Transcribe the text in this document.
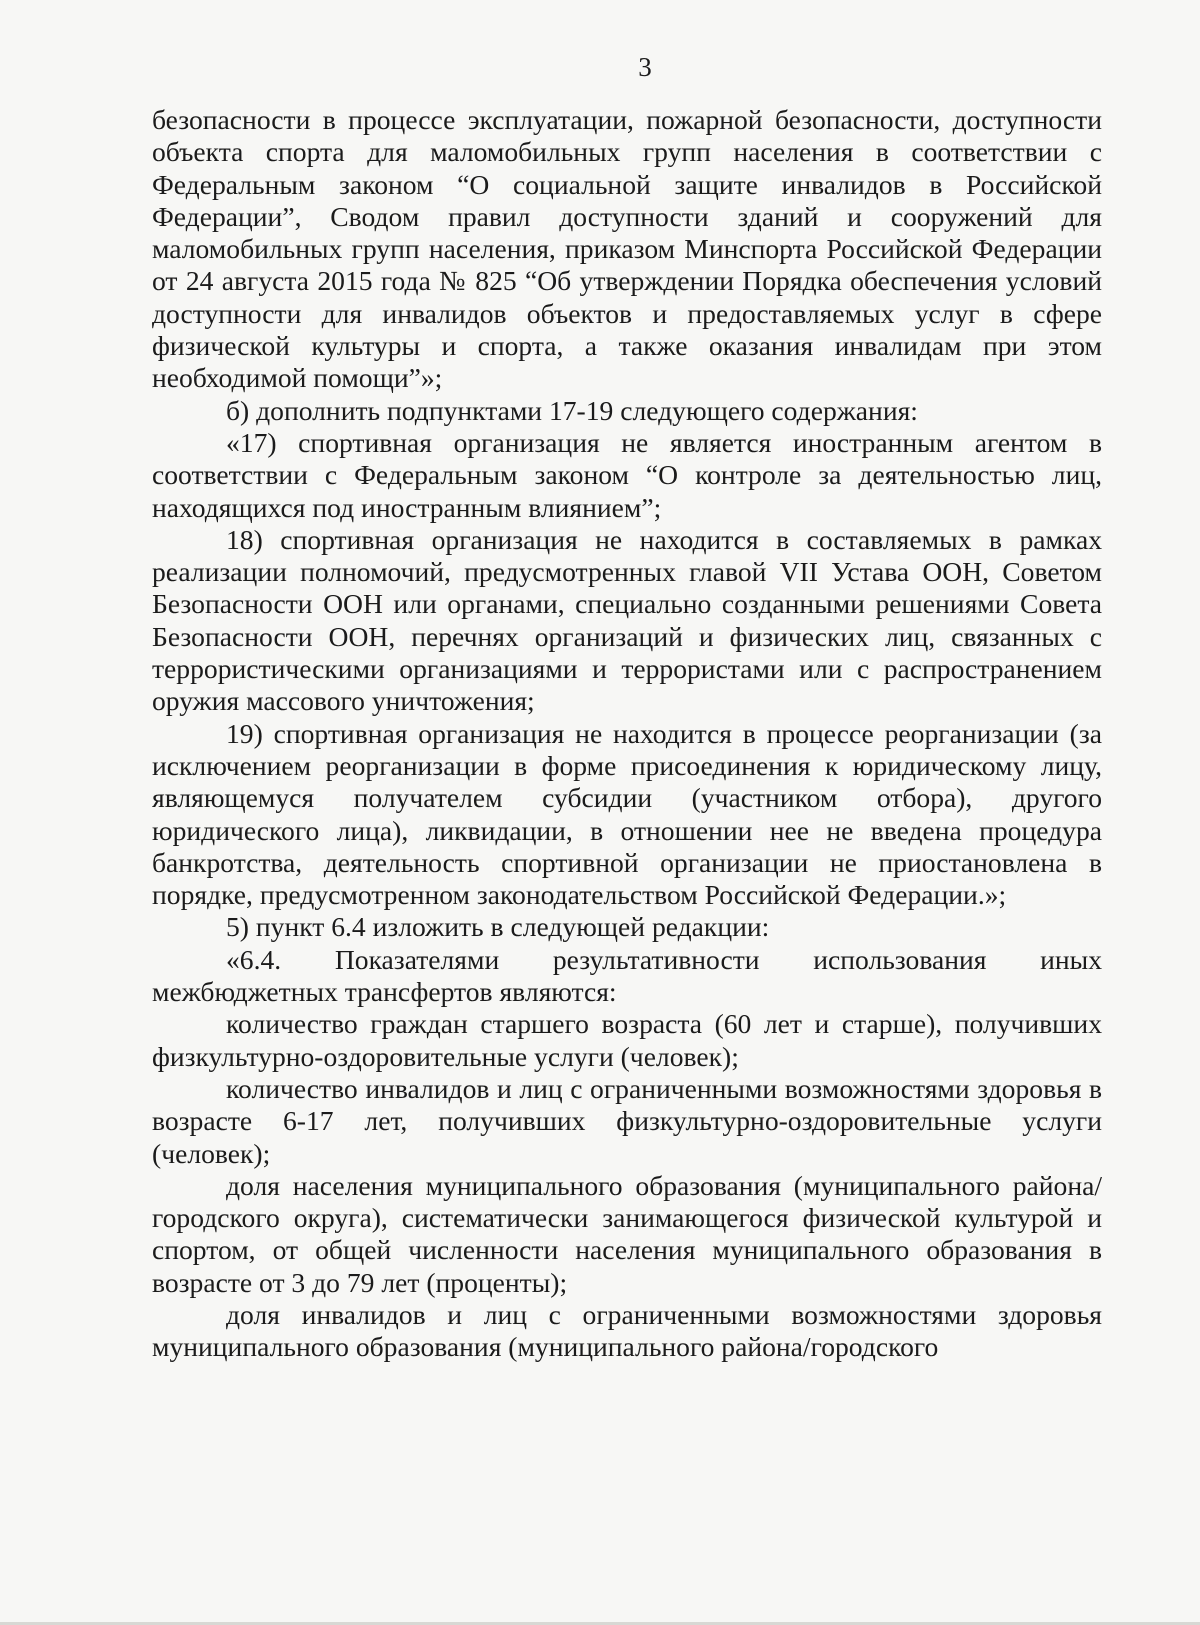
3

безопасности в процессе эксплуатации, пожарной безопасности, доступности объекта спорта для маломобильных групп населения в соответствии с Федеральным законом “О социальной защите инвалидов в Российской Федерации”, Сводом правил доступности зданий и сооружений для маломобильных групп населения, приказом Минспорта Российской Федерации от 24 августа 2015 года № 825 “Об утверждении Порядка обеспечения условий доступности для инвалидов объектов и предоставляемых услуг в сфере физической культуры и спорта, а также оказания инвалидам при этом необходимой помощи”»;

б) дополнить подпунктами 17-19 следующего содержания:

«17) спортивная организация не является иностранным агентом в соответствии с Федеральным законом “О контроле за деятельностью лиц, находящихся под иностранным влиянием”;

18) спортивная организация не находится в составляемых в рамках реализации полномочий, предусмотренных главой VII Устава ООН, Советом Безопасности ООН или органами, специально созданными решениями Совета Безопасности ООН, перечнях организаций и физических лиц, связанных с террористическими организациями и террористами или с распространением оружия массового уничтожения;

19) спортивная организация не находится в процессе реорганизации (за исключением реорганизации в форме присоединения к юридическому лицу, являющемуся получателем субсидии (участником отбора), другого юридического лица), ликвидации, в отношении нее не введена процедура банкротства, деятельность спортивной организации не приостановлена в порядке, предусмотренном законодательством Российской Федерации.»;

5) пункт 6.4 изложить в следующей редакции:

«6.4. Показателями результативности использования иных межбюджетных трансфертов являются:

количество граждан старшего возраста (60 лет и старше), получивших физкультурно-оздоровительные услуги (человек);

количество инвалидов и лиц с ограниченными возможностями здоровья в возрасте 6-17 лет, получивших физкультурно-оздоровительные услуги (человек);

доля населения муниципального образования (муниципального района/ городского округа), систематически занимающегося физической культурой и спортом, от общей численности населения муниципального образования в возрасте от 3 до 79 лет (проценты);

доля инвалидов и лиц с ограниченными возможностями здоровья муниципального образования (муниципального района/городского
